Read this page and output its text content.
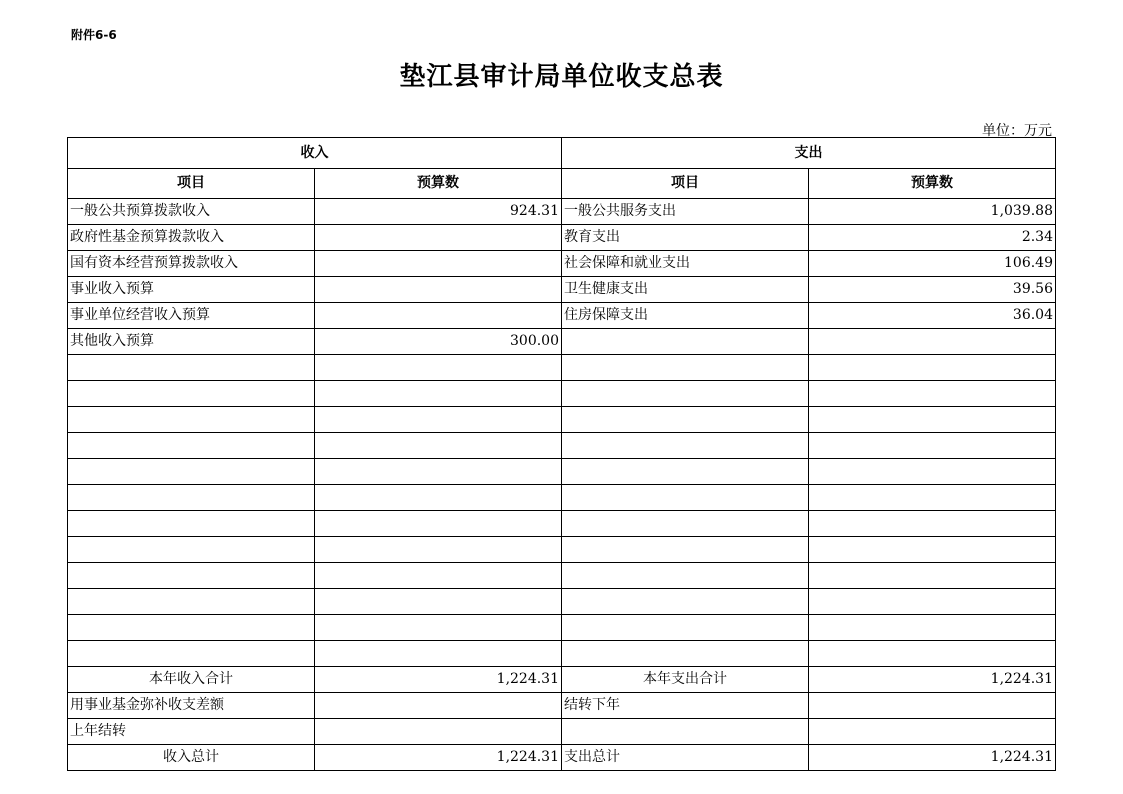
附件6-6
垫江县审计局单位收支总表
单位：万元
收入		支出	
项目	预算数	项目	预算数
一般公共预算拨款收入	924.31	一般公共服务支出	1,039.88
政府性基金预算拨款收入		教育支出	2.34
国有资本经营预算拨款收入		社会保障和就业支出	106.49
事业收入预算		卫生健康支出	39.56
事业单位经营收入预算		住房保障支出	36.04
其他收入预算	300.00		

本年收入合计	1,224.31	本年支出合计	1,224.31
用事业基金弥补收支差额		结转下年	
上年结转			
收入总计	1,224.31	支出总计	1,224.31
